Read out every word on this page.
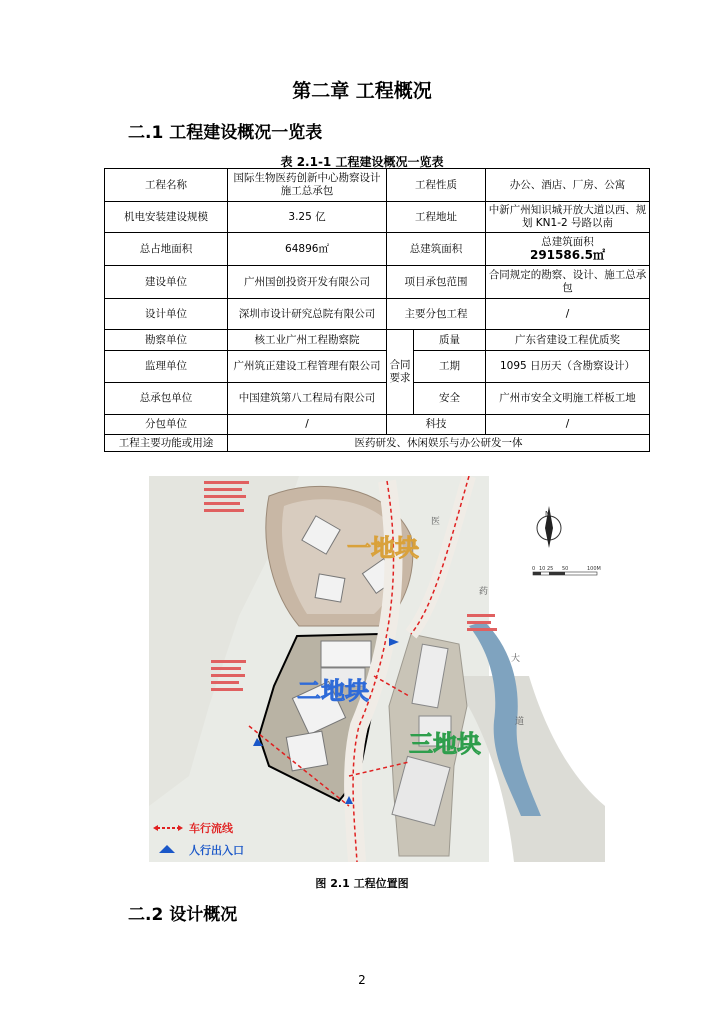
第二章 工程概况
二.1 工程建设概况一览表
表 2.1-1 工程建设概况一览表
工程名称	国际生物医药创新中心勘察设计施工总承包	工程性质		办公、酒店、厂房、公寓
机电安装建设规模	3.25 亿	工程地址		中新广州知识城开放大道以西、规划 KN1-2 号路以南
总占地面积	64896㎡	总建筑面积		总建筑面积
291586.5㎡

建设单位	广州国创投资开发有限公司	项目承包范围		合同规定的勘察、设计、施工总承包
设计单位	深圳市设计研究总院有限公司	主要分包工程		/
勘察单位	核工业广州工程勘察院	合同要求	质量	广东省建设工程优质奖
监理单位	广州筑正建设工程管理有限公司		工期	1095 日历天（含勘察设计）
总承包单位	中国建筑第八工程局有限公司		安全	广州市安全文明施工样板工地
分包单位	/	科技		/
工程主要功能或用途	医药研发、休闲娱乐与办公研发一体			
一地块
二地块
三地块
医
药
大
道
N
0 10 25 50	100M
车行流线
人行出入口
图 2.1 工程位置图
二.2 设计概况
2
